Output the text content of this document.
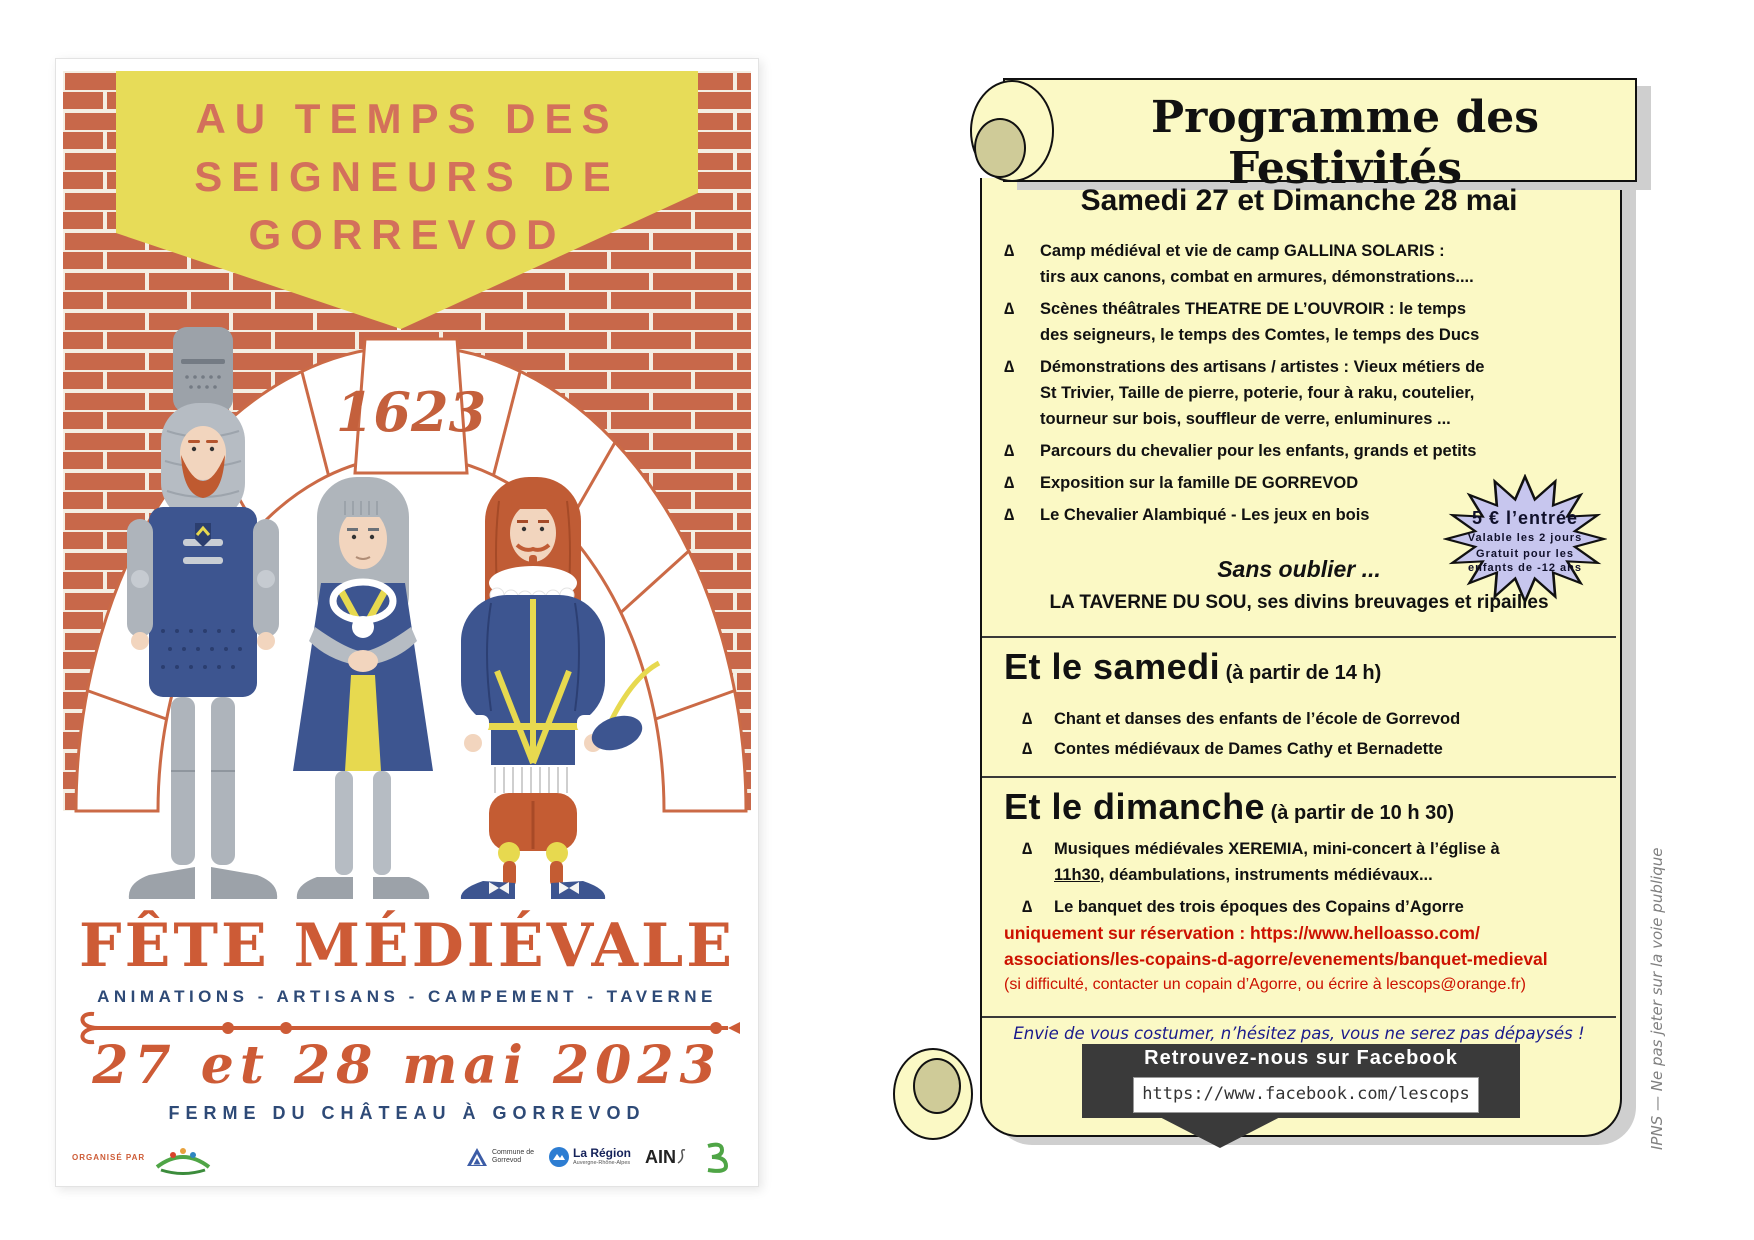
1623
AU TEMPS DES
SEIGNEURS DE
GORREVOD
FÊTE MÉDIÉVALE
ANIMATIONS - ARTISANS - CAMPEMENT - TAVERNE
27 et 28 mai 2023
FERME DU CHÂTEAU À GORREVOD
ORGANISÉ PAR	Commune de
Gorrevod
La Région
Auvergne-Rhône-Alpes AIN
Programme des Festivités
Samedi 27 et Dimanche 28 mai
∆ Camp médiéval et vie de camp GALLINA SOLARIS :
tirs aux canons, combat en armures, démonstrations....
∆ Scènes théâtrales THEATRE DE L’OUVROIR : le temps
des seigneurs, le temps des Comtes, le temps des Ducs
∆ Démonstrations des artisans / artistes : Vieux métiers de
St Trivier, Taille de pierre, poterie, four à raku, coutelier,
tourneur sur bois, souffleur de verre, enluminures ...
∆ Parcours du chevalier pour les enfants, grands et petits
∆ Exposition sur la famille DE GORREVOD
∆ Le Chevalier Alambiqué - Les jeux en bois	5 € l’entrée
Valable les 2 jours
Gratuit pour les
enfants de -12 ans
Sans oublier ...
LA TAVERNE DU SOU, ses divins breuvages et ripailles
Et le samedi (à partir de 14 h)
∆ Chant et danses des enfants de l’école de Gorrevod
∆ Contes médiévaux de Dames Cathy et Bernadette
Et le dimanche (à partir de 10 h 30)
∆ Musiques médiévales XEREMIA, mini-concert à l’église à
11h30, déambulations, instruments médiévaux...
∆ Le banquet des trois époques des Copains d’Agorre
uniquement sur réservation : https://www.helloasso.com/
associations/les-copains-d-agorre/evenements/banquet-medieval
(si difficulté, contacter un copain d’Agorre, ou écrire à lescops@orange.fr)
Envie de vous costumer, n’hésitez pas, vous ne serez pas dépaysés !
Retrouvez-nous sur Facebook
https://www.facebook.com/lescops	IPNS — Ne pas jeter sur la voie publique
